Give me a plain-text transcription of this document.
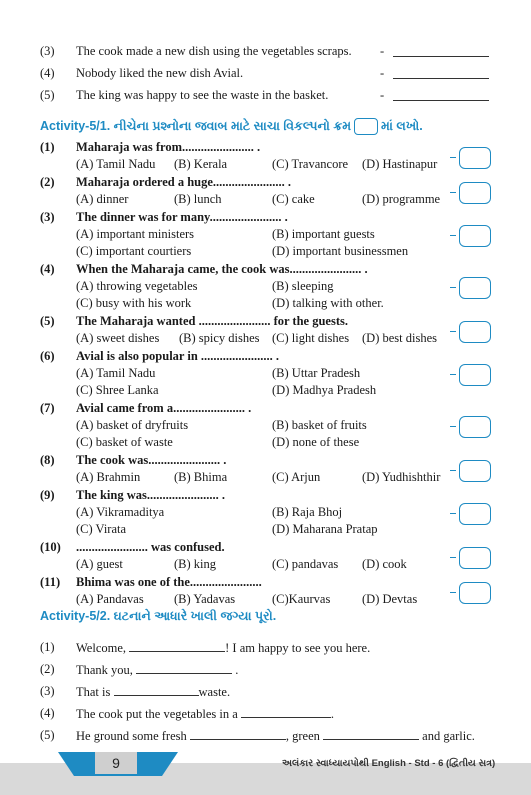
(3) The cook made a new dish using the vegetables scraps. -
(4) Nobody liked the new dish Avial.	-
(5) The king was happy to see the waste in the basket.	-
Activity-5/1. નીચેના પ્રશ્નોના જવાબ માટે સાચા વિકલ્પનો ક્રમ માં લખો.
(1) Maharaja was from....................... .
(A) Tamil Nadu (B) Kerala	(C) Travancore (D) Hastinapur
(2) Maharaja ordered a huge....................... .
(A) dinner	(B) lunch	(C) cake	(D) programme
(3) The dinner was for many....................... .
(A) important ministers	(B) important guests
(C) important courtiers	(D) important businessmen
(4) When the Maharaja came, the cook was....................... .
(A) throwing vegetables	(B) sleeping
(C) busy with his work	(D) talking with other.
(5) The Maharaja wanted ....................... for the guests.
(A) sweet dishes (B) spicy dishes (C) light dishes (D) best dishes
(6) Avial is also popular in ....................... .
(A) Tamil Nadu	(B) Uttar Pradesh
(C) Shree Lanka	(D) Madhya Pradesh
(7) Avial came from a....................... .
(A) basket of dryfruits	(B) basket of fruits
(C) basket of waste	(D) none of these
(8) The cook was....................... .
(A) Brahmin	(B) Bhima	(C) Arjun	(D) Yudhishthir
(9) The king was....................... .
(A) Vikramaditya	(B) Raja Bhoj
(C) Virata	(D) Maharana Pratap
(10) ....................... was confused.
(A) guest	(B) king	(C) pandavas (D) cook
(11) Bhima was one of the.......................
(A) Pandavas (B) Yadavas	(C)Kaurvas	(D) Devtas
Activity-5/2. ઘટનાને આધારે ખાલી જગ્યા પૂરો.
(1) Welcome,	! I am happy to see you here.
(2) Thank you,	.
(3) That is	waste.
(4) The cook put the vegetables in a	.
(5) He ground some fresh	, green	and garlic.
9	અલંકાર સ્વાધ્યાયપોથી English - Std - 6 (દ્વિતીય સત્ર)
